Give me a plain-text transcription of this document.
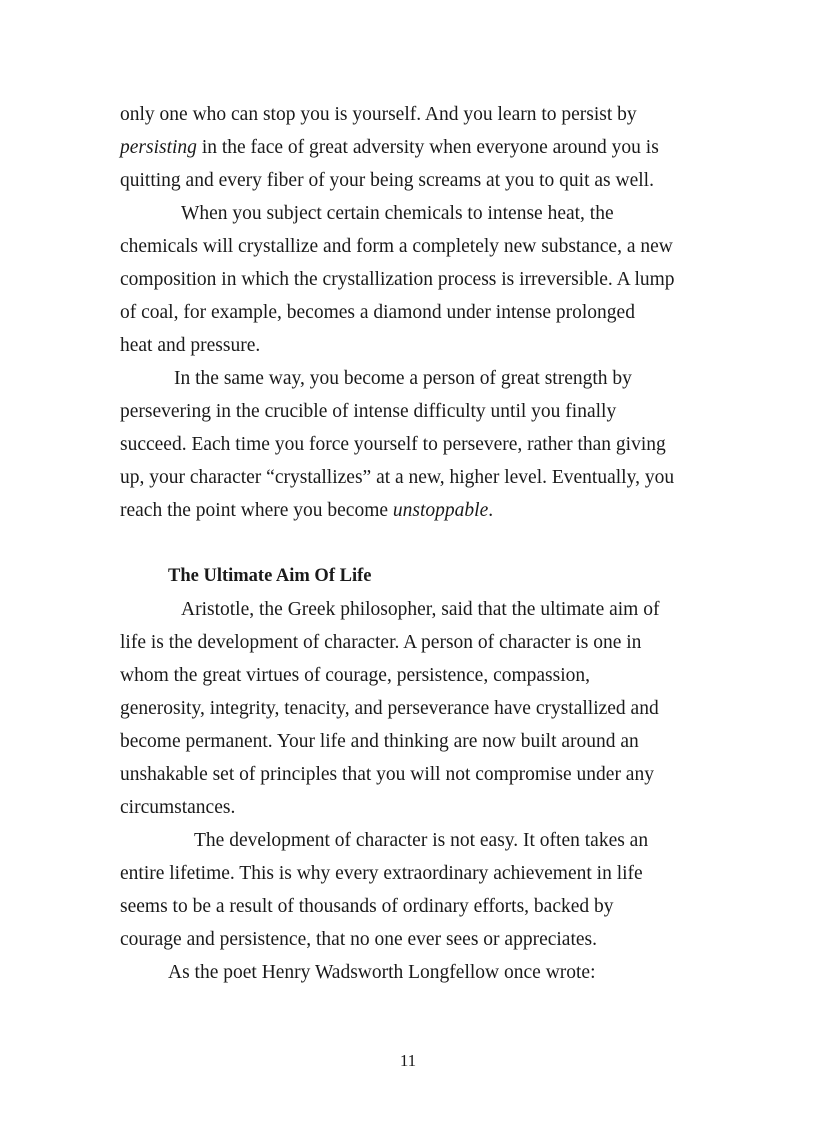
only one who can stop you is yourself. And you learn to persist by
persisting in the face of great adversity when everyone around you is
quitting and every fiber of your being screams at you to quit as well.
When you subject certain chemicals to intense heat, the
chemicals will crystallize and form a completely new substance, a new
composition in which the crystallization process is irreversible. A lump
of coal, for example, becomes a diamond under intense prolonged
heat and pressure.
In the same way, you become a person of great strength by
persevering in the crucible of intense difficulty until you finally
succeed. Each time you force yourself to persevere, rather than giving
up, your character “crystallizes” at a new, higher level. Eventually, you
reach the point where you become unstoppable.
The Ultimate Aim Of Life
Aristotle, the Greek philosopher, said that the ultimate aim of
life is the development of character. A person of character is one in
whom the great virtues of courage, persistence, compassion,
generosity, integrity, tenacity, and perseverance have crystallized and
become permanent. Your life and thinking are now built around an
unshakable set of principles that you will not compromise under any
circumstances.
The development of character is not easy. It often takes an
entire lifetime. This is why every extraordinary achievement in life
seems to be a result of thousands of ordinary efforts, backed by
courage and persistence, that no one ever sees or appreciates.
As the poet Henry Wadsworth Longfellow once wrote:
11
